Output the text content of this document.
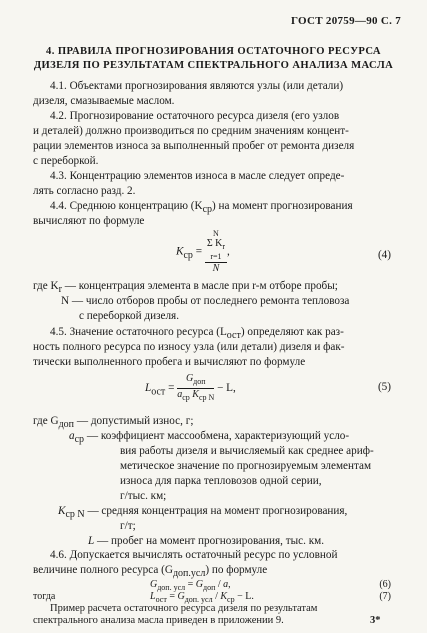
ГОСТ 20759—90 С. 7
4. ПРАВИЛА ПРОГНОЗИРОВАНИЯ ОСТАТОЧНОГО РЕСУРСА
ДИЗЕЛЯ ПО РЕЗУЛЬТАТАМ СПЕКТРАЛЬНОГО АНАЛИЗА МАСЛА
4.1. Объектами прогнозирования являются узлы (или детали)
дизеля, смазываемые маслом.
4.2. Прогнозирование остаточного ресурса дизеля (его узлов
и деталей) должно производиться по средним значениям концент-
рации элементов износа за выполненный пробег от ремонта дизеля
с переборкой.
4.3. Концентрацию элементов износа в масле следует опреде-
лять согласно разд. 2.
4.4. Среднюю концентрацию $(K_{ср})$ на момент прогнозирования
вычисляют по формуле
$K_{ср} = N$
Σ $K_r$
r=1
N ,	(4)
где $K_r$ — концентрация элемента в масле при r-м отборе пробы;
N — число отборов пробы от последнего ремонта тепловоза
с переборкой дизеля.
4.5. Значение остаточного ресурса $(L_{ост})$ определяют как раз-
ность полного ресурса по износу узла (или детали) дизеля и фак-
тически выполненного пробега и вычисляют по формуле
$L_{ост} = \frac{G_{доп}}{a_{ср} K_{ср N}} - L$,	(5)
где $G_{доп}$ — допустимый износ, г;
$a_{ср}$ — коэффициент массообмена, характеризующий усло-
вия работы дизеля и вычисляемый как среднее ариф-
метическое значение по прогнозируемым элементам
износа для парка тепловозов одной серии,
г/тыс. км;
$K_{ср N}$ — средняя концентрация на момент прогнозирования,
г/т;
L — пробег на момент прогнозирования, тыс. км.
4.6. Допускается вычислять остаточный ресурс по условной
величине полного ресурса $(G_{доп.усл})$ по формуле
$G_{доп. усл} = G_{доп} / a$,	(6)
тогда	$L_{ост} = G_{доп. усл} / K_{ср} - L$.	(7)
Пример расчета остаточного ресурса дизеля по результатам
спектрального анализа масла приведен в приложении 9.	3*
